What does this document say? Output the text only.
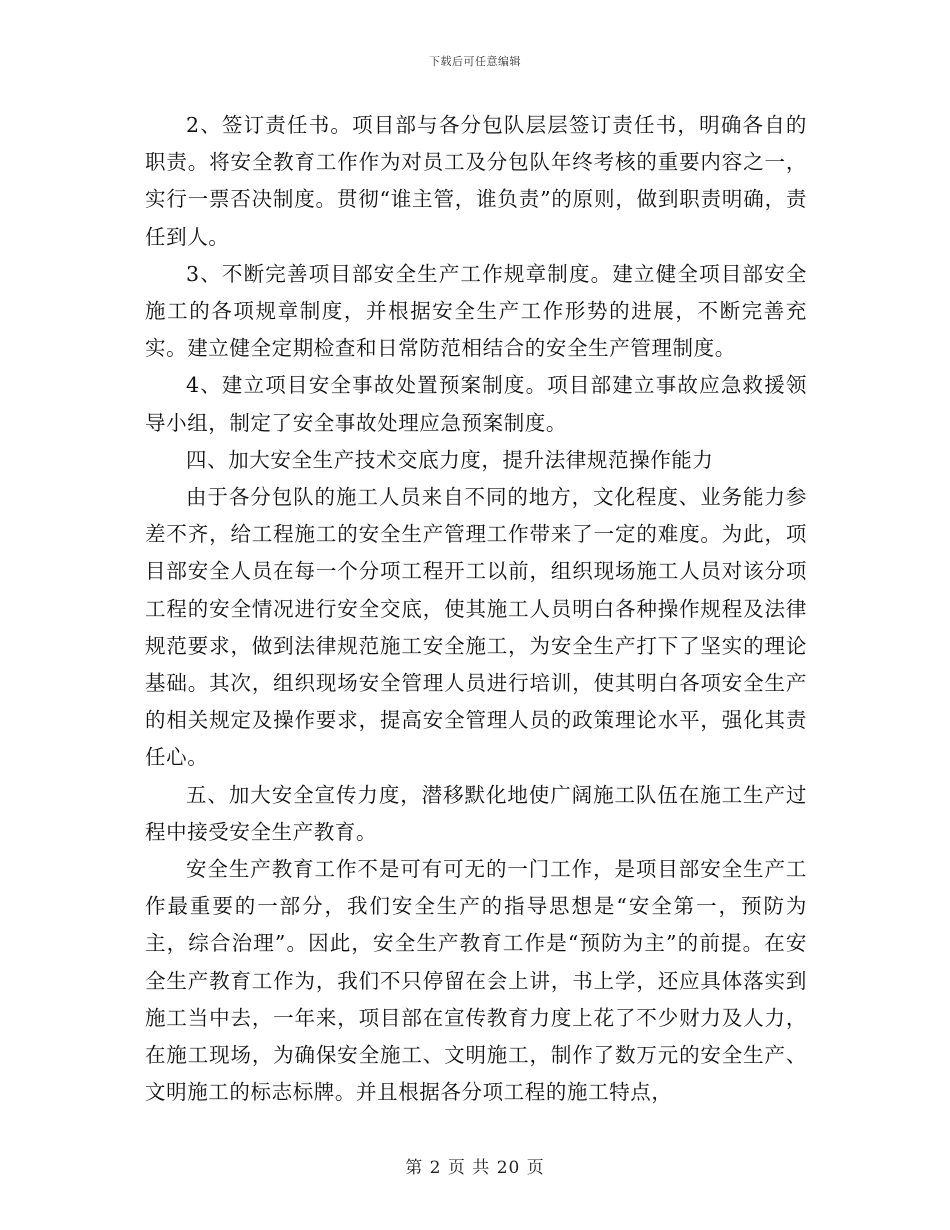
下载后可任意编辑

2、签订责任书。项目部与各分包队层层签订责任书，明确各自的职责。将安全教育工作作为对员工及分包队年终考核的重要内容之一，实行一票否决制度。贯彻“谁主管，谁负责”的原则，做到职责明确，责任到人。

3、不断完善项目部安全生产工作规章制度。建立健全项目部安全施工的各项规章制度，并根据安全生产工作形势的进展，不断完善充实。建立健全定期检查和日常防范相结合的安全生产管理制度。

4、建立项目安全事故处置预案制度。项目部建立事故应急救援领导小组，制定了安全事故处理应急预案制度。

四、加大安全生产技术交底力度，提升法律规范操作能力

由于各分包队的施工人员来自不同的地方，文化程度、业务能力参差不齐，给工程施工的安全生产管理工作带来了一定的难度。为此，项目部安全人员在每一个分项工程开工以前，组织现场施工人员对该分项工程的安全情况进行安全交底，使其施工人员明白各种操作规程及法律规范要求，做到法律规范施工安全施工，为安全生产打下了坚实的理论基础。其次，组织现场安全管理人员进行培训，使其明白各项安全生产的相关规定及操作要求，提高安全管理人员的政策理论水平，强化其责任心。

五、加大安全宣传力度，潜移默化地使广阔施工队伍在施工生产过程中接受安全生产教育。

安全生产教育工作不是可有可无的一门工作，是项目部安全生产工作最重要的一部分，我们安全生产的指导思想是“安全第一，预防为主，综合治理”。因此，安全生产教育工作是“预防为主”的前提。在安全生产教育工作为，我们不只停留在会上讲，书上学，还应具体落实到施工当中去，一年来，项目部在宣传教育力度上花了不少财力及人力，在施工现场，为确保安全施工、文明施工，制作了数万元的安全生产、文明施工的标志标牌。并且根据各分项工程的施工特点，

第 2 页 共 20 页
